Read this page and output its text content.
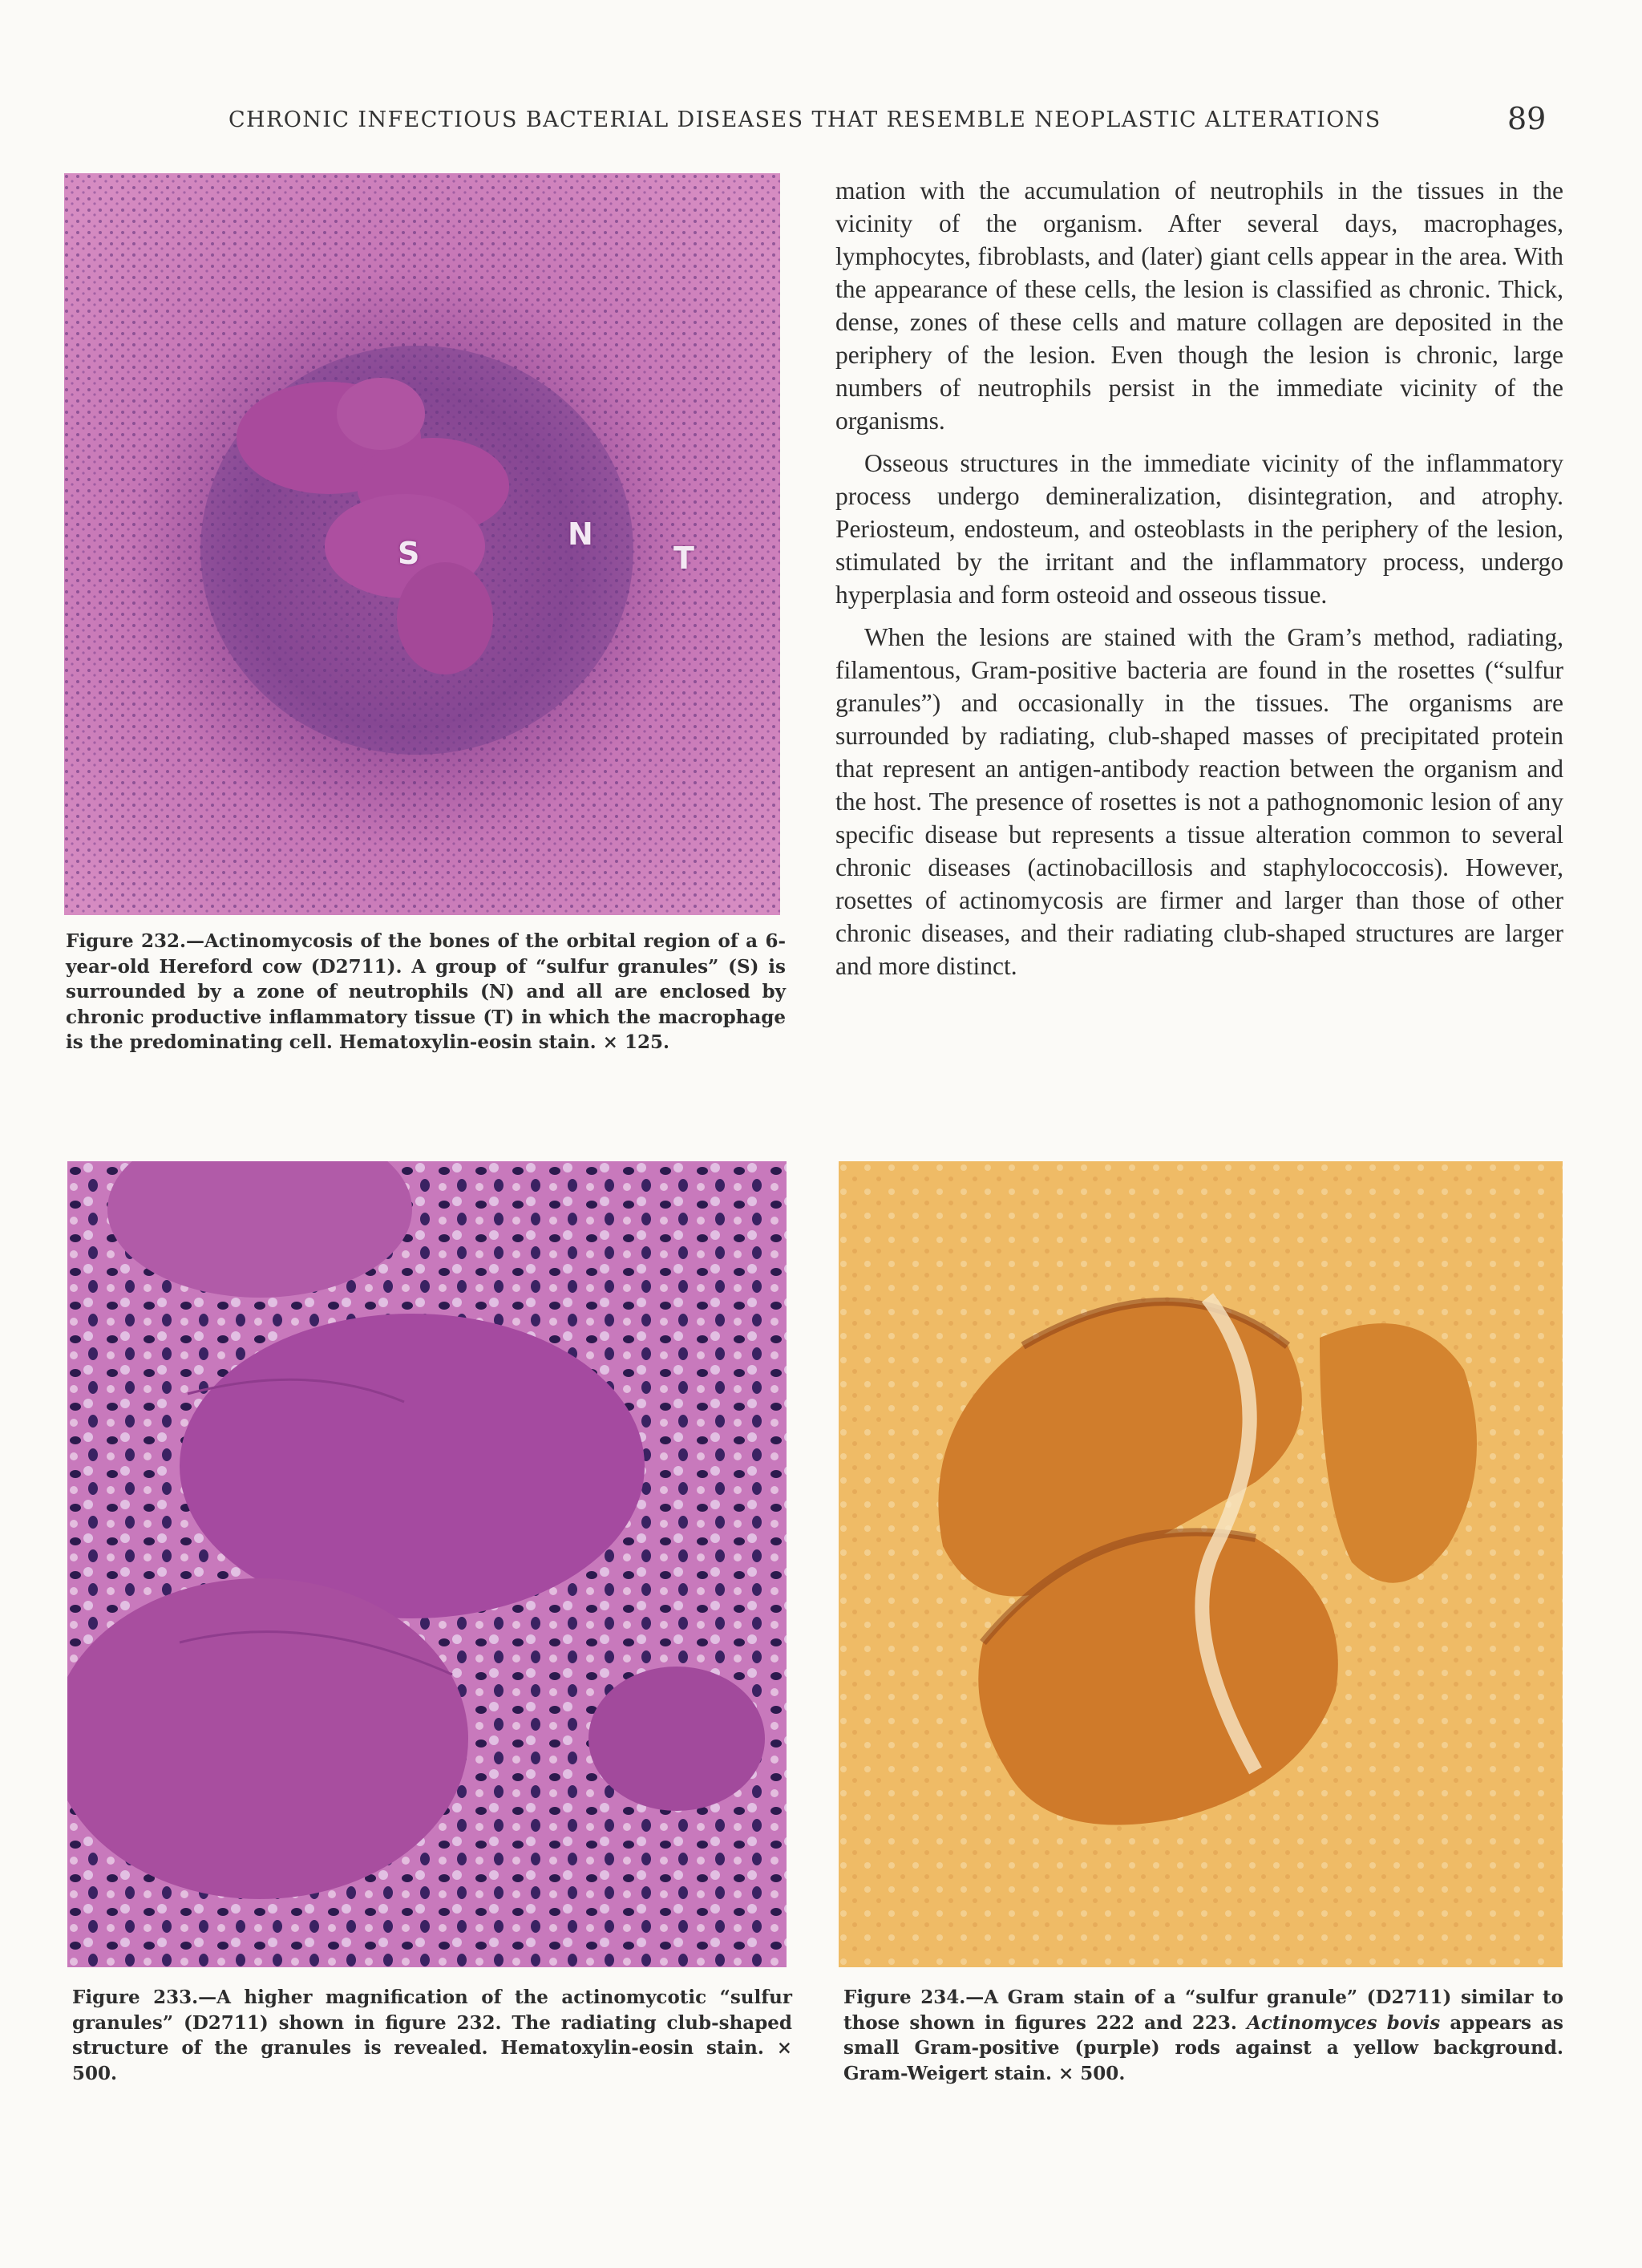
CHRONIC INFECTIOUS BACTERIAL DISEASES THAT RESEMBLE NEOPLASTIC ALTERATIONS	89
S
N
T
Figure 232.—Actinomycosis of the bones of the orbital region of a 6-year-old Hereford cow (D2711). A group of “sulfur granules” (S) is surrounded by a zone of neutrophils (N) and all are enclosed by chronic productive inflammatory tissue (T) in which the macrophage is the predominating cell. Hematoxylin-eosin stain. × 125.

mation with the accumulation of neutrophils in the tissues in the vicinity of the organism. After several days, macrophages, lymphocytes, fibroblasts, and (later) giant cells appear in the area. With the appearance of these cells, the lesion is classified as chronic. Thick, dense, zones of these cells and mature collagen are deposited in the periphery of the lesion. Even though the lesion is chronic, large numbers of neutrophils persist in the immediate vicinity of the organisms.

Osseous structures in the immediate vicinity of the inflammatory process undergo demineralization, disintegration, and atrophy. Periosteum, endosteum, and osteoblasts in the periphery of the lesion, stimulated by the irritant and the inflammatory process, undergo hyperplasia and form osteoid and osseous tissue.

When the lesions are stained with the Gram’s method, radiating, filamentous, Gram-positive bacteria are found in the rosettes (“sulfur granules”) and occasionally in the tissues. The organisms are surrounded by radiating, club-shaped masses of precipitated protein that represent an antigen-antibody reaction between the organism and the host. The presence of rosettes is not a pathognomonic lesion of any specific disease but represents a tissue alteration common to several chronic diseases (actinobacillosis and staphylococcosis). However, rosettes of actinomycosis are firmer and larger than those of other chronic diseases, and their radiating club-shaped structures are larger and more distinct.

Figure 233.—A higher magnification of the actinomycotic “sulfur granules” (D2711) shown in figure 232. The radiating club-shaped structure of the granules is revealed. Hematoxylin-eosin stain. × 500.
Figure 234.—A Gram stain of a “sulfur granule” (D2711) similar to those shown in figures 222 and 223. Actinomyces bovis appears as small Gram-positive (purple) rods against a yellow background. Gram-Weigert stain. × 500.
